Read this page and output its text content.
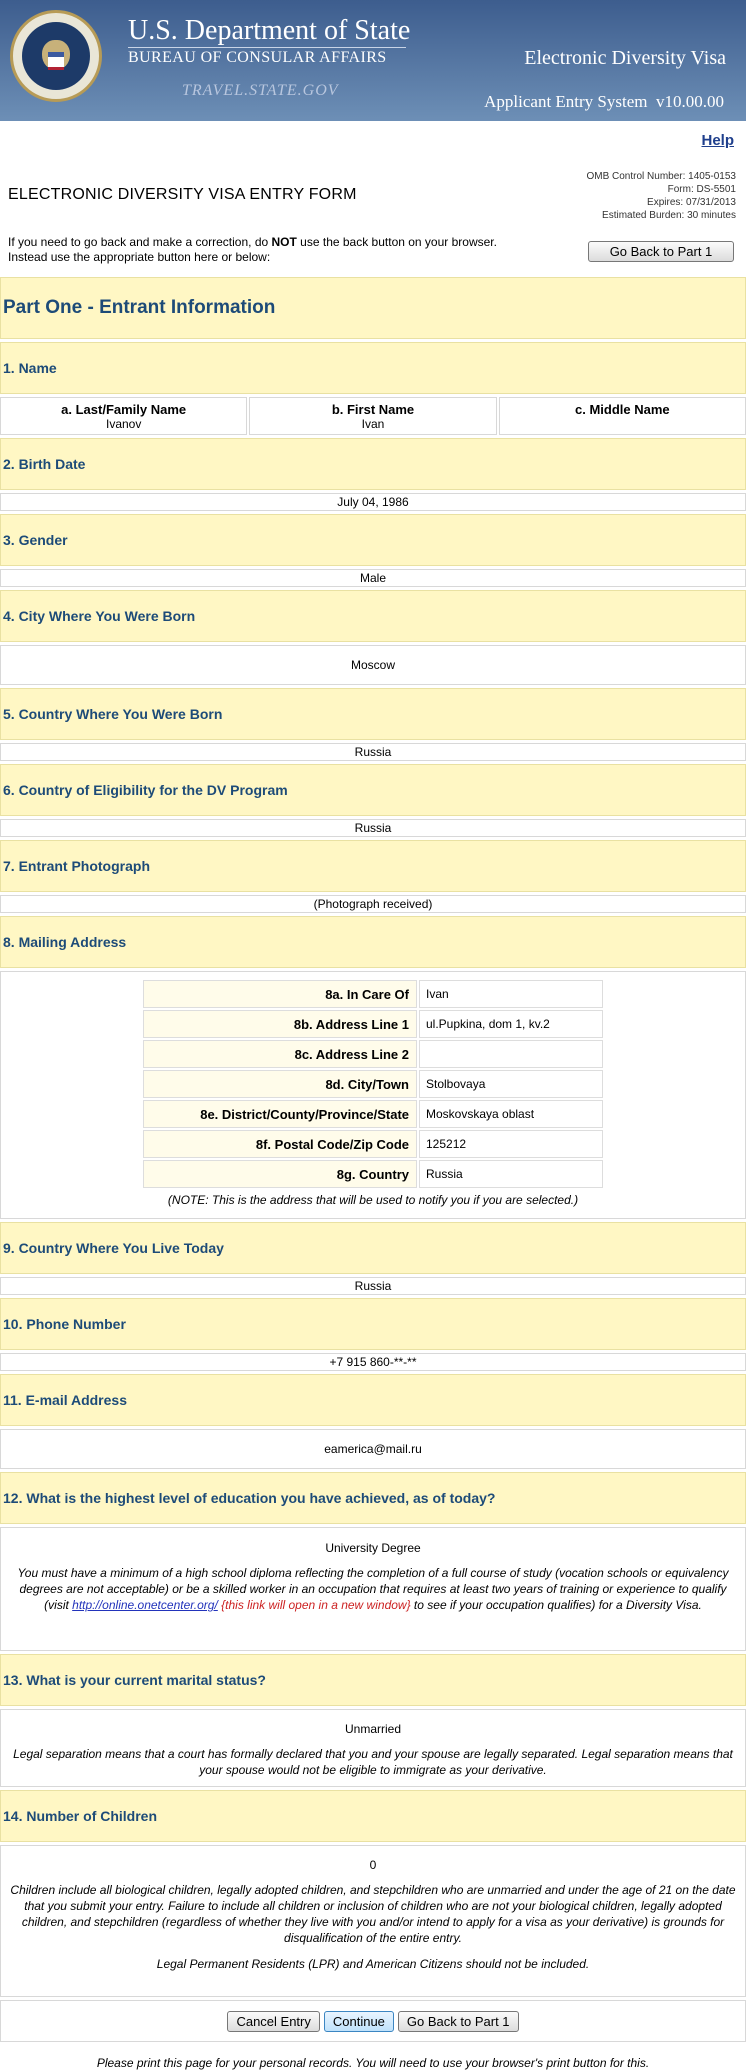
U.S. Department of State
BUREAU OF CONSULAR AFFAIRS
TRAVEL.STATE.GOV
Electronic Diversity Visa
Applicant Entry System  v10.00.00
Help
OMB Control Number: 1405-0153
Form: DS-5501
Expires: 07/31/2013
Estimated Burden: 30 minutes
ELECTRONIC DIVERSITY VISA ENTRY FORM
If you need to go back and make a correction, do NOT use the back button on your browser.
Instead use the appropriate button here or below:	Go Back to Part 1
Part One - Entrant Information
1. Name
a. Last/Family Name
Ivanov
b. First Name
Ivan
c. Middle Name
2. Birth Date
July 04, 1986
3. Gender
Male
4. City Where You Were Born
Moscow
5. Country Where You Were Born
Russia
6. Country of Eligibility for the DV Program
Russia
7. Entrant Photograph
(Photograph received)
8. Mailing Address
8a. In Care Of	Ivan
8b. Address Line 1	ul.Pupkina, dom 1, kv.2
8c. Address Line 2	
8d. City/Town	Stolbovaya
8e. District/County/Province/State	Moskovskaya oblast
8f. Postal Code/Zip Code	125212
8g. Country	Russia
(NOTE: This is the address that will be used to notify you if you are selected.)
9. Country Where You Live Today
Russia
10. Phone Number
+7 915 860-**-**
11. E-mail Address
eamerica@mail.ru
12. What is the highest level of education you have achieved, as of today?
University Degree
You must have a minimum of a high school diploma reflecting the completion of a full course of study (vocation schools or equivalency degrees are not acceptable) or be a skilled worker in an occupation that requires at least two years of training or experience to qualify (visit http://online.onetcenter.org/ {this link will open in a new window} to see if your occupation qualifies) for a Diversity Visa.
13. What is your current marital status?
Unmarried
Legal separation means that a court has formally declared that you and your spouse are legally separated. Legal separation means that your spouse would not be eligible to immigrate as your derivative.
14. Number of Children
0
Children include all biological children, legally adopted children, and stepchildren who are unmarried and under the age of 21 on the date that you submit your entry. Failure to include all children or inclusion of children who are not your biological children, legally adopted children, and stepchildren (regardless of whether they live with you and/or intend to apply for a visa as your derivative) is grounds for disqualification of the entire entry.
Legal Permanent Residents (LPR) and American Citizens should not be included.
Cancel Entry	Continue	Go Back to Part 1
Please print this page for your personal records. You will need to use your browser's print button for this.
